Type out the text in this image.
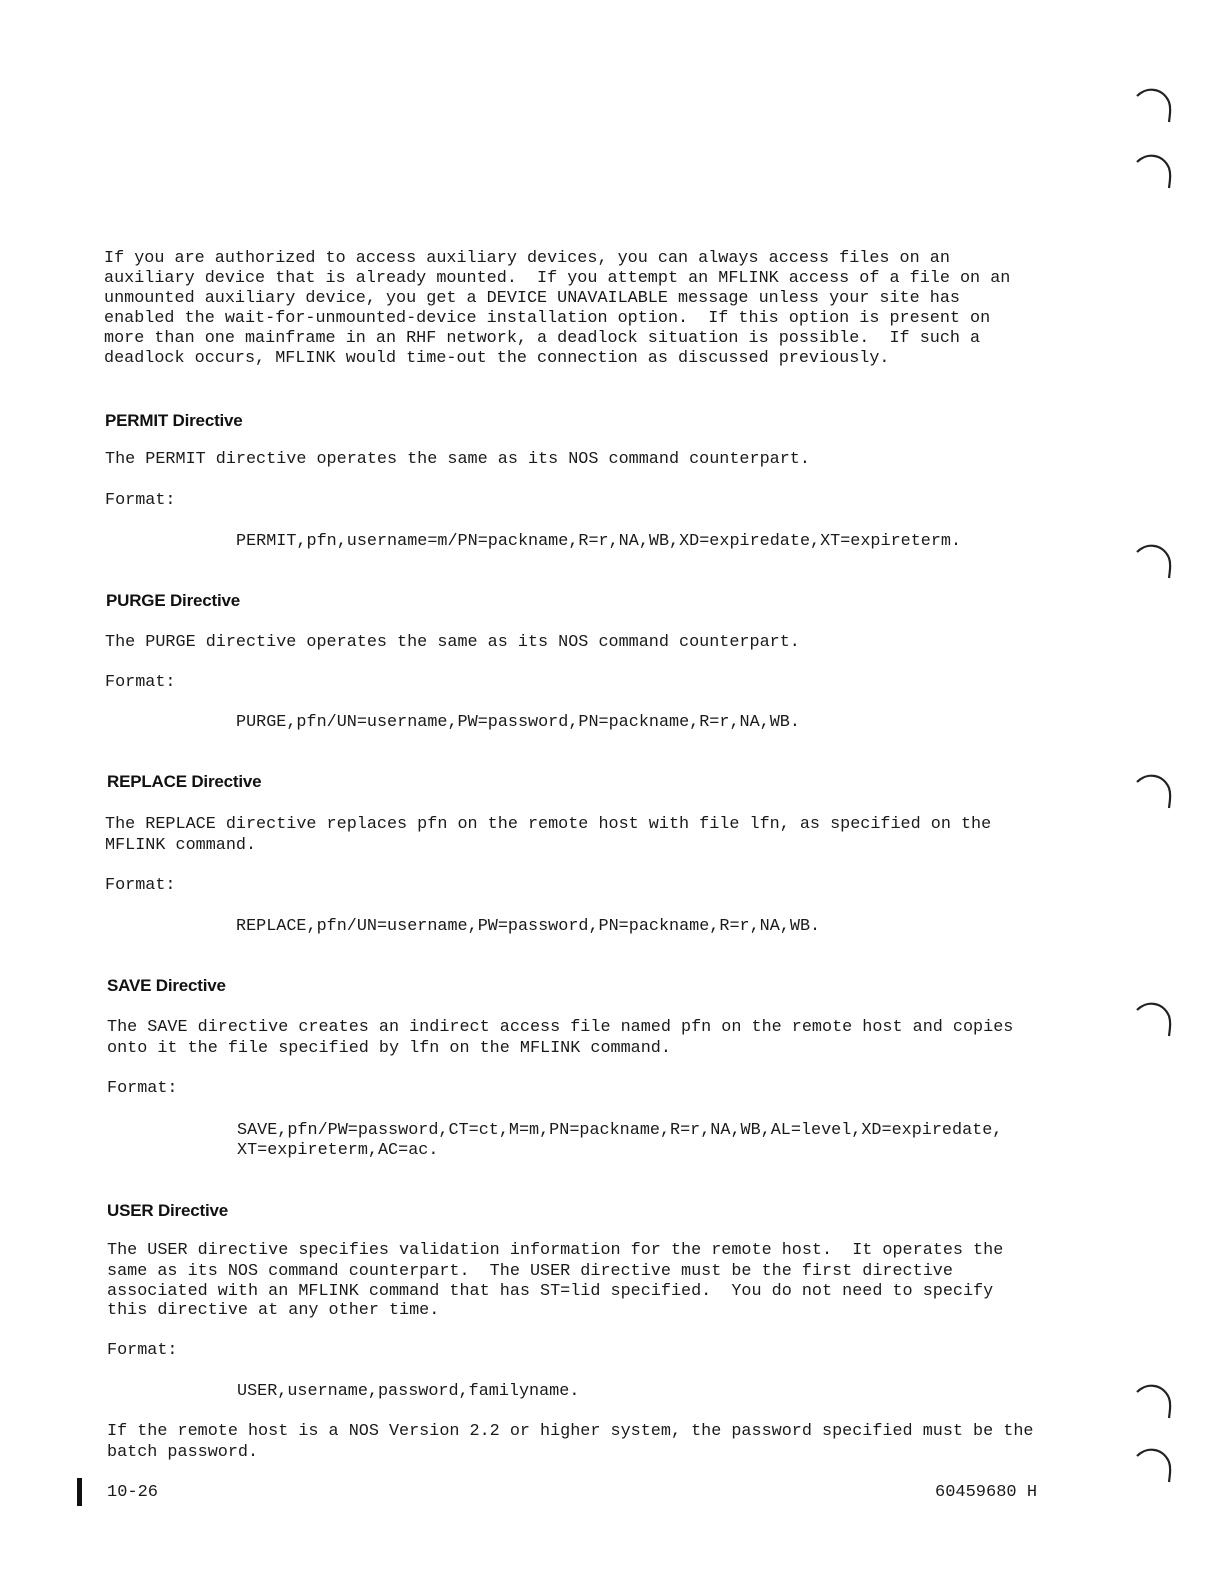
If you are authorized to access auxiliary devices, you can always access files on an
auxiliary device that is already mounted.  If you attempt an MFLINK access of a file on an
unmounted auxiliary device, you get a DEVICE UNAVAILABLE message unless your site has
enabled the wait-for-unmounted-device installation option.  If this option is present on
more than one mainframe in an RHF network, a deadlock situation is possible.  If such a
deadlock occurs, MFLINK would time-out the connection as discussed previously.
PERMIT Directive
The PERMIT directive operates the same as its NOS command counterpart.
Format:
PERMIT,pfn,username=m/PN=packname,R=r,NA,WB,XD=expiredate,XT=expireterm.
PURGE Directive
The PURGE directive operates the same as its NOS command counterpart.
Format:
PURGE,pfn/UN=username,PW=password,PN=packname,R=r,NA,WB.
REPLACE Directive
The REPLACE directive replaces pfn on the remote host with file lfn, as specified on the
MFLINK command.
Format:
REPLACE,pfn/UN=username,PW=password,PN=packname,R=r,NA,WB.
SAVE Directive
The SAVE directive creates an indirect access file named pfn on the remote host and copies
onto it the file specified by lfn on the MFLINK command.
Format:
SAVE,pfn/PW=password,CT=ct,M=m,PN=packname,R=r,NA,WB,AL=level,XD=expiredate,
XT=expireterm,AC=ac.
USER Directive
The USER directive specifies validation information for the remote host.  It operates the
same as its NOS command counterpart.  The USER directive must be the first directive
associated with an MFLINK command that has ST=lid specified.  You do not need to specify
this directive at any other time.
Format:
USER,username,password,familyname.
If the remote host is a NOS Version 2.2 or higher system, the password specified must be the
batch password.
10-26	60459680 H
